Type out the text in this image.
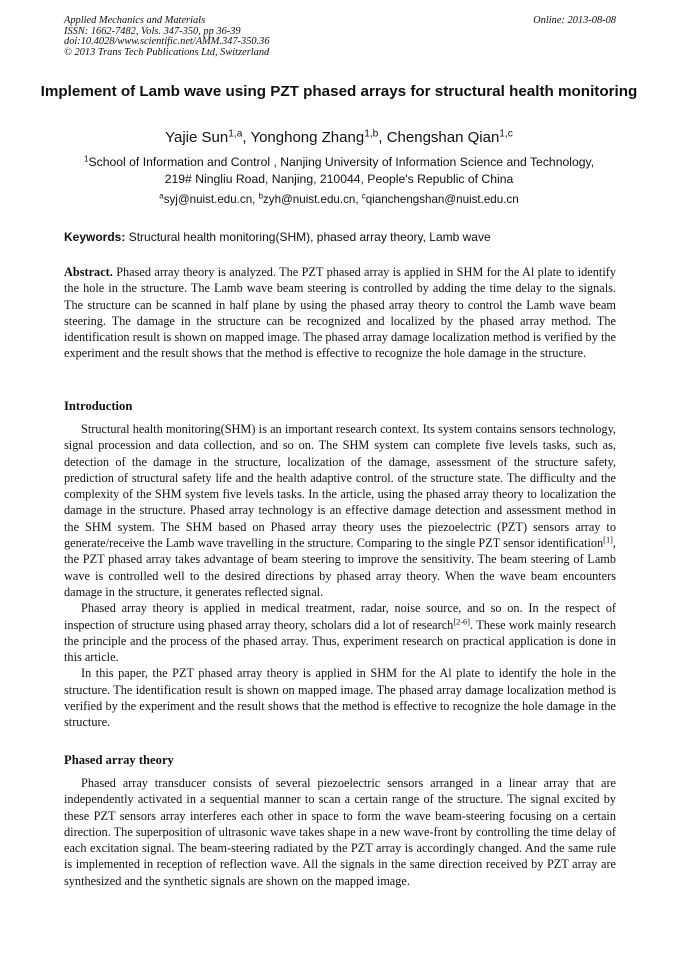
Applied Mechanics and Materials
ISSN: 1662-7482, Vols. 347-350, pp 36-39
doi:10.4028/www.scientific.net/AMM.347-350.36
© 2013 Trans Tech Publications Ltd, Switzerland
Online: 2013-08-08
Implement of Lamb wave using PZT phased arrays for structural health monitoring
Yajie Sun$^{1,a}$, Yonghong Zhang$^{1,b}$, Chengshan Qian$^{1,c}$
$^1$School of Information and Control , Nanjing University of Information Science and Technology,
219# Ningliu Road, Nanjing, 210044, People's Republic of China
$^a$syj@nuist.edu.cn, $^b$zyh@nuist.edu.cn, $^c$qianchengshan@nuist.edu.cn
Keywords: Structural health monitoring(SHM), phased array theory, Lamb wave

Abstract. Phased array theory is analyzed. The PZT phased array is applied in SHM for the Al plate to identify the hole in the structure. The Lamb wave beam steering is controlled by adding the time delay to the signals. The structure can be scanned in half plane by using the phased array theory to control the Lamb wave beam steering. The damage in the structure can be recognized and localized by the phased array method. The identification result is shown on mapped image. The phased array damage localization method is verified by the experiment and the result shows that the method is effective to recognize the hole damage in the structure.

Introduction

Structural health monitoring(SHM) is an important research context. Its system contains sensors technology, signal procession and data collection, and so on. The SHM system can complete five levels tasks, such as, detection of the damage in the structure, localization of the damage, assessment of the structure safety, prediction of structural safety life and the health adaptive control. of the structure state. The difficulty and the complexity of the SHM system five levels tasks. In the article, using the phased array theory to localization the damage in the structure. Phased array technology is an effective damage detection and assessment method in the SHM system. The SHM based on Phased array theory uses the piezoelectric (PZT) sensors array to generate/receive the Lamb wave travelling in the structure. Comparing to the single PZT sensor identification[1], the PZT phased array takes advantage of beam steering to improve the sensitivity. The beam steering of Lamb wave is controlled well to the desired directions by phased array theory. When the wave beam encounters damage in the structure, it generates reflected signal.

Phased array theory is applied in medical treatment, radar, noise source, and so on. In the respect of inspection of structure using phased array theory, scholars did a lot of research[2-6]. These work mainly research the principle and the process of the phased array. Thus, experiment research on practical application is done in this article.

In this paper, the PZT phased array theory is applied in SHM for the Al plate to identify the hole in the structure. The identification result is shown on mapped image. The phased array damage localization method is verified by the experiment and the result shows that the method is effective to recognize the hole damage in the structure.

Phased array theory

Phased array transducer consists of several piezoelectric sensors arranged in a linear array that are independently activated in a sequential manner to scan a certain range of the structure. The signal excited by these PZT sensors array interferes each other in space to form the wave beam-steering focusing on a certain direction. The superposition of ultrasonic wave takes shape in a new wave-front by controlling the time delay of each excitation signal. The beam-steering radiated by the PZT array is accordingly changed. And the same rule is implemented in reception of reflection wave. All the signals in the same direction received by PZT array are synthesized and the synthetic signals are shown on the mapped image.
